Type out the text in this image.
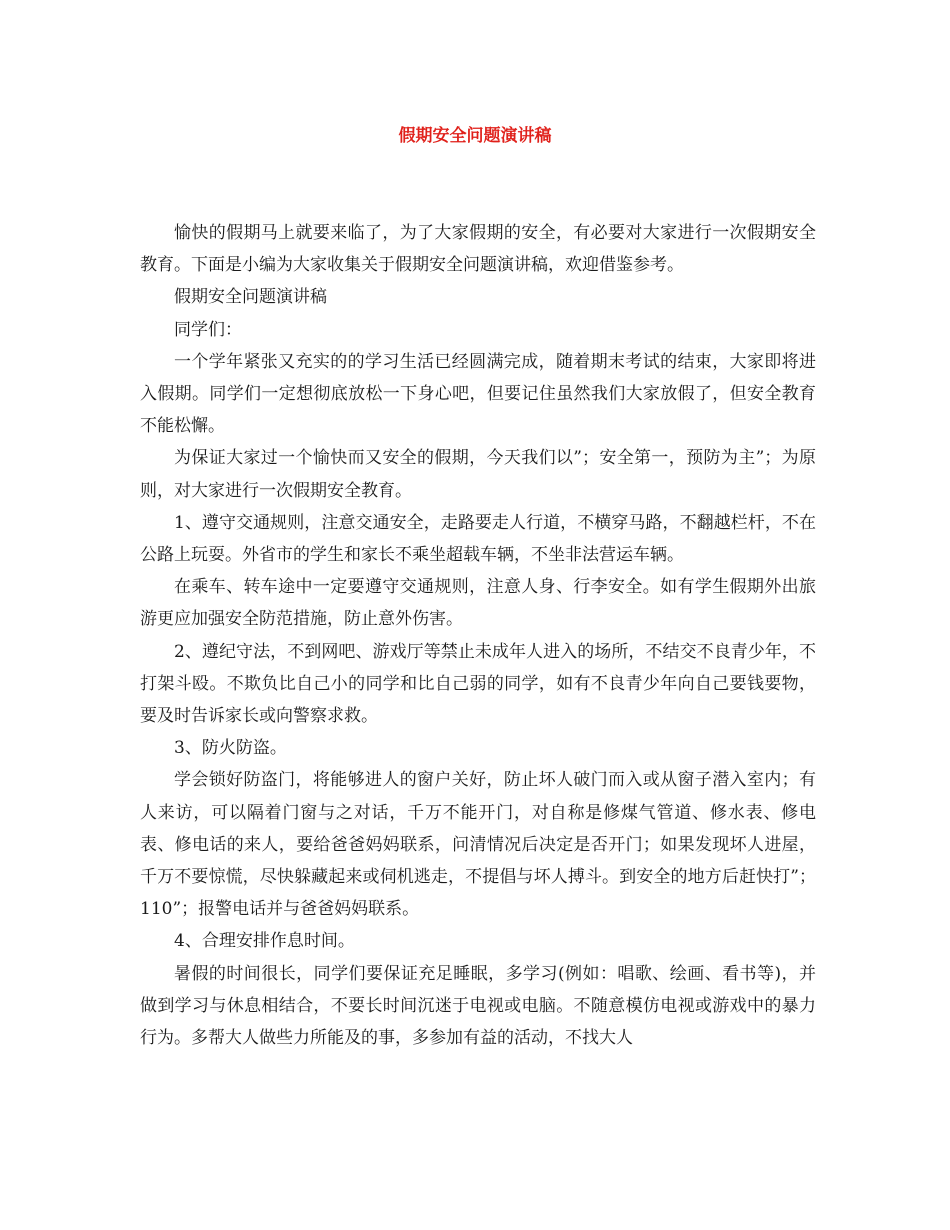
假期安全问题演讲稿

愉快的假期马上就要来临了，为了大家假期的安全，有必要对大家进行一次假期安全教育。下面是小编为大家收集关于假期安全问题演讲稿，欢迎借鉴参考。

假期安全问题演讲稿

同学们：

一个学年紧张又充实的的学习生活已经圆满完成，随着期末考试的结束，大家即将进入假期。同学们一定想彻底放松一下身心吧，但要记住虽然我们大家放假了，但安全教育不能松懈。

为保证大家过一个愉快而又安全的假期，今天我们以”；安全第一，预防为主”；为原则，对大家进行一次假期安全教育。

1、遵守交通规则，注意交通安全，走路要走人行道，不横穿马路，不翻越栏杆，不在公路上玩耍。外省市的学生和家长不乘坐超载车辆，不坐非法营运车辆。

在乘车、转车途中一定要遵守交通规则，注意人身、行李安全。如有学生假期外出旅游更应加强安全防范措施，防止意外伤害。

2、遵纪守法，不到网吧、游戏厅等禁止未成年人进入的场所，不结交不良青少年，不打架斗殴。不欺负比自己小的同学和比自己弱的同学，如有不良青少年向自己要钱要物，要及时告诉家长或向警察求救。

3、防火防盗。

学会锁好防盗门，将能够进人的窗户关好，防止坏人破门而入或从窗子潜入室内；有人来访，可以隔着门窗与之对话，千万不能开门，对自称是修煤气管道、修水表、修电表、修电话的来人，要给爸爸妈妈联系，问清情况后决定是否开门；如果发现坏人进屋，千万不要惊慌，尽快躲藏起来或伺机逃走，不提倡与坏人搏斗。到安全的地方后赶快打”；110”；报警电话并与爸爸妈妈联系。

4、合理安排作息时间。

暑假的时间很长，同学们要保证充足睡眠，多学习(例如：唱歌、绘画、看书等)，并做到学习与休息相结合，不要长时间沉迷于电视或电脑。不随意模仿电视或游戏中的暴力行为。多帮大人做些力所能及的事，多参加有益的活动，不找大人
